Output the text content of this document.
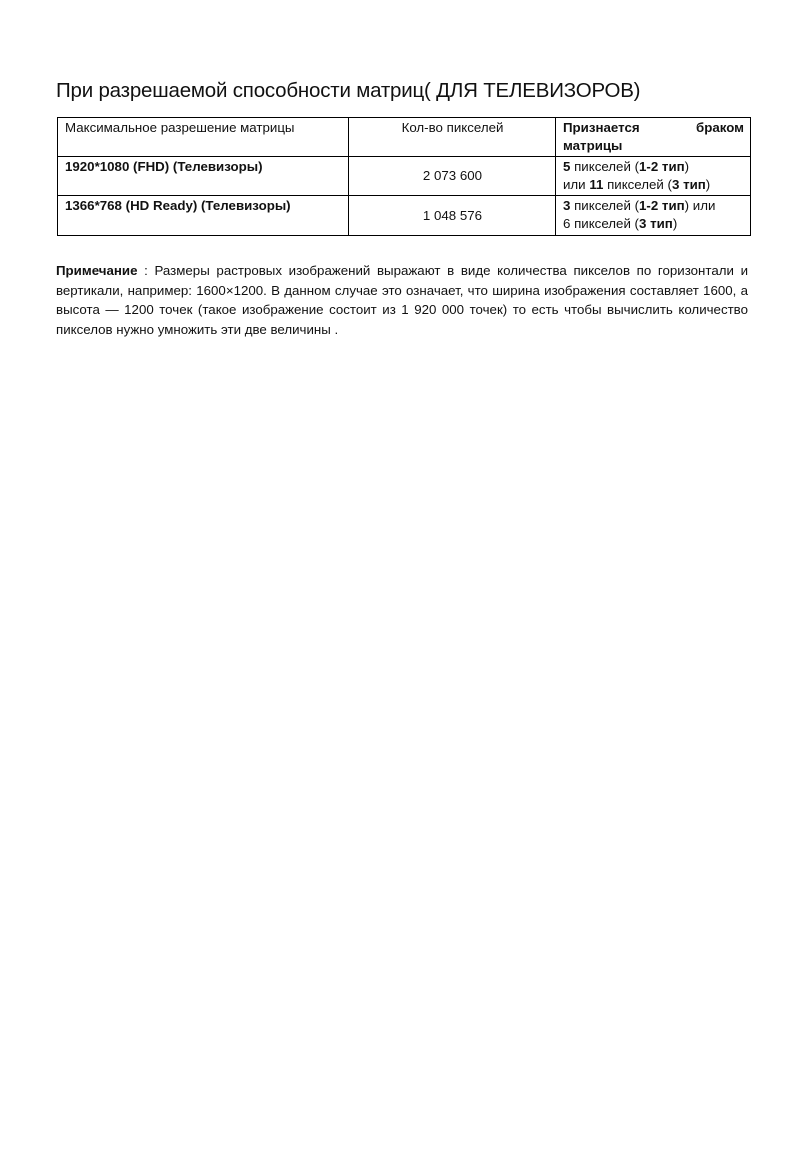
При разрешаемой способности матриц( ДЛЯ ТЕЛЕВИЗОРОВ)
Максимальное разрешение матрицы	Кол-во пикселей	Признается браком
матрицы

1920*1080 (FHD) (Телевизоры)	2 073 600	5 пикселей (1-2 тип)
или 11 пикселей (3 тип)

1366*768 (HD Ready) (Телевизоры)	1 048 576	3 пикселей (1-2 тип) или
6 пикселей (3 тип)
Примечание : Размеры растровых изображений выражают в виде количества пикселов по горизонтали и вертикали, например: 1600×1200. В данном случае это означает, что ширина изображения составляет 1600, а высота — 1200 точек (такое изображение состоит из 1 920 000 точек) то есть чтобы вычислить количество пикселов нужно умножить эти две величины .
